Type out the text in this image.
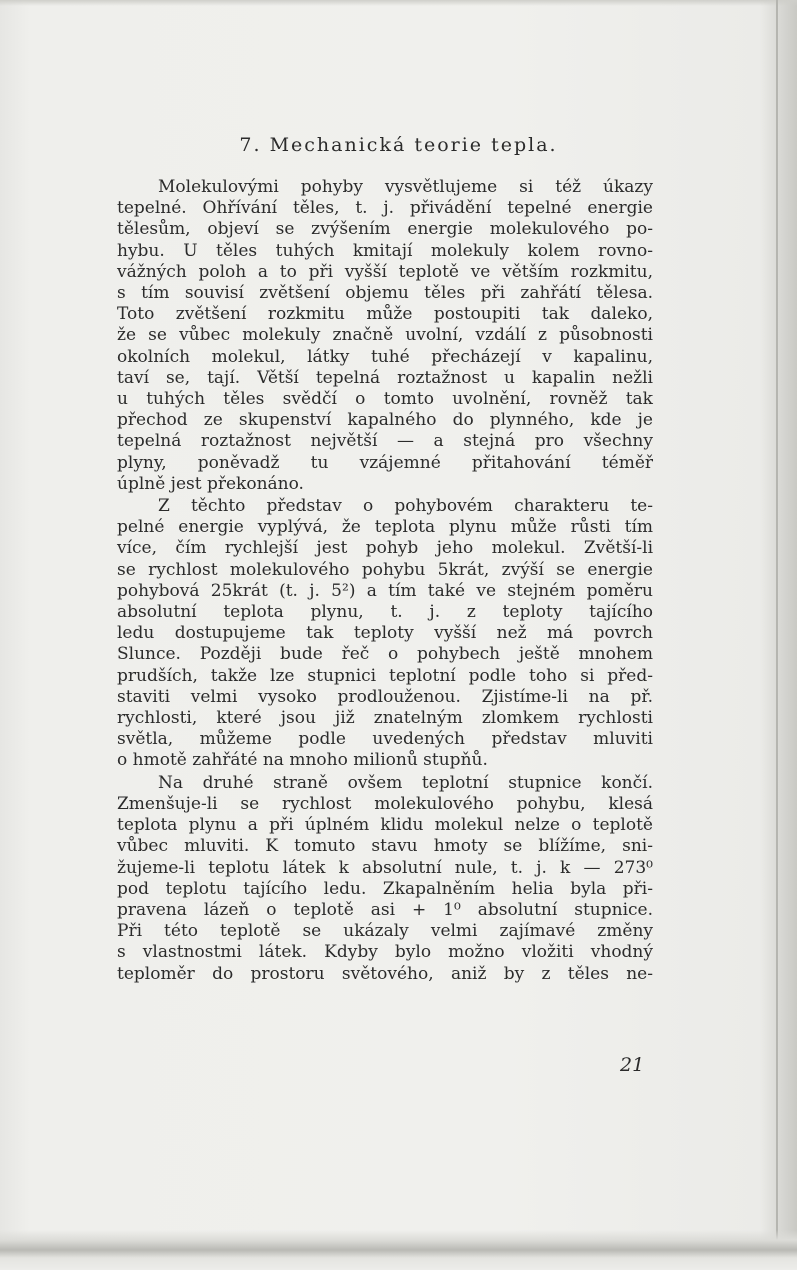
7. Mechanická teorie tepla.
Molekulovými pohyby vysvětlujeme si též úkazy
tepelné. Ohřívání těles, t. j. přivádění tepelné energie
tělesům, objeví se zvýšením energie molekulového po-
hybu. U těles tuhých kmitají molekuly kolem rovno-
vážných poloh a to při vyšší teplotě ve větším rozkmitu,
s tím souvisí zvětšení objemu těles při zahřátí tělesa.
Toto zvětšení rozkmitu může postoupiti tak daleko,
že se vůbec molekuly značně uvolní, vzdálí z působnosti
okolních molekul, látky tuhé přecházejí v kapalinu,
taví se, tají. Větší tepelná roztažnost u kapalin nežli
u tuhých těles svědčí o tomto uvolnění, rovněž tak
přechod ze skupenství kapalného do plynného, kde je
tepelná roztažnost největší — a stejná pro všechny
plyny, poněvadž tu vzájemné přitahování téměř
úplně jest překonáno.
Z těchto představ o pohybovém charakteru te-
pelné energie vyplývá, že teplota plynu může růsti tím
více, čím rychlejší jest pohyb jeho molekul. Zvětší-li
se rychlost molekulového pohybu 5krát, zvýší se energie
pohybová 25krát (t. j. 5²) a tím také ve stejném poměru
absolutní teplota plynu, t. j. z teploty tajícího
ledu dostupujeme tak teploty vyšší než má povrch
Slunce. Později bude řeč o pohybech ještě mnohem
prudších, takže lze stupnici teplotní podle toho si před-
staviti velmi vysoko prodlouženou. Zjistíme-li na př.
rychlosti, které jsou již znatelným zlomkem rychlosti
světla, můžeme podle uvedených představ mluviti
o hmotě zahřáté na mnoho milionů stupňů.
Na druhé straně ovšem teplotní stupnice končí.
Zmenšuje-li se rychlost molekulového pohybu, klesá
teplota plynu a při úplném klidu molekul nelze o teplotě
vůbec mluviti. K tomuto stavu hmoty se blížíme, sni-
žujeme-li teplotu látek k absolutní nule, t. j. k — 273⁰
pod teplotu tajícího ledu. Zkapalněním helia byla při-
pravena lázeň o teplotě asi + 1⁰ absolutní stupnice.
Při této teplotě se ukázaly velmi zajímavé změny
s vlastnostmi látek. Kdyby bylo možno vložiti vhodný
teploměr do prostoru světového, aniž by z těles ne-
21
